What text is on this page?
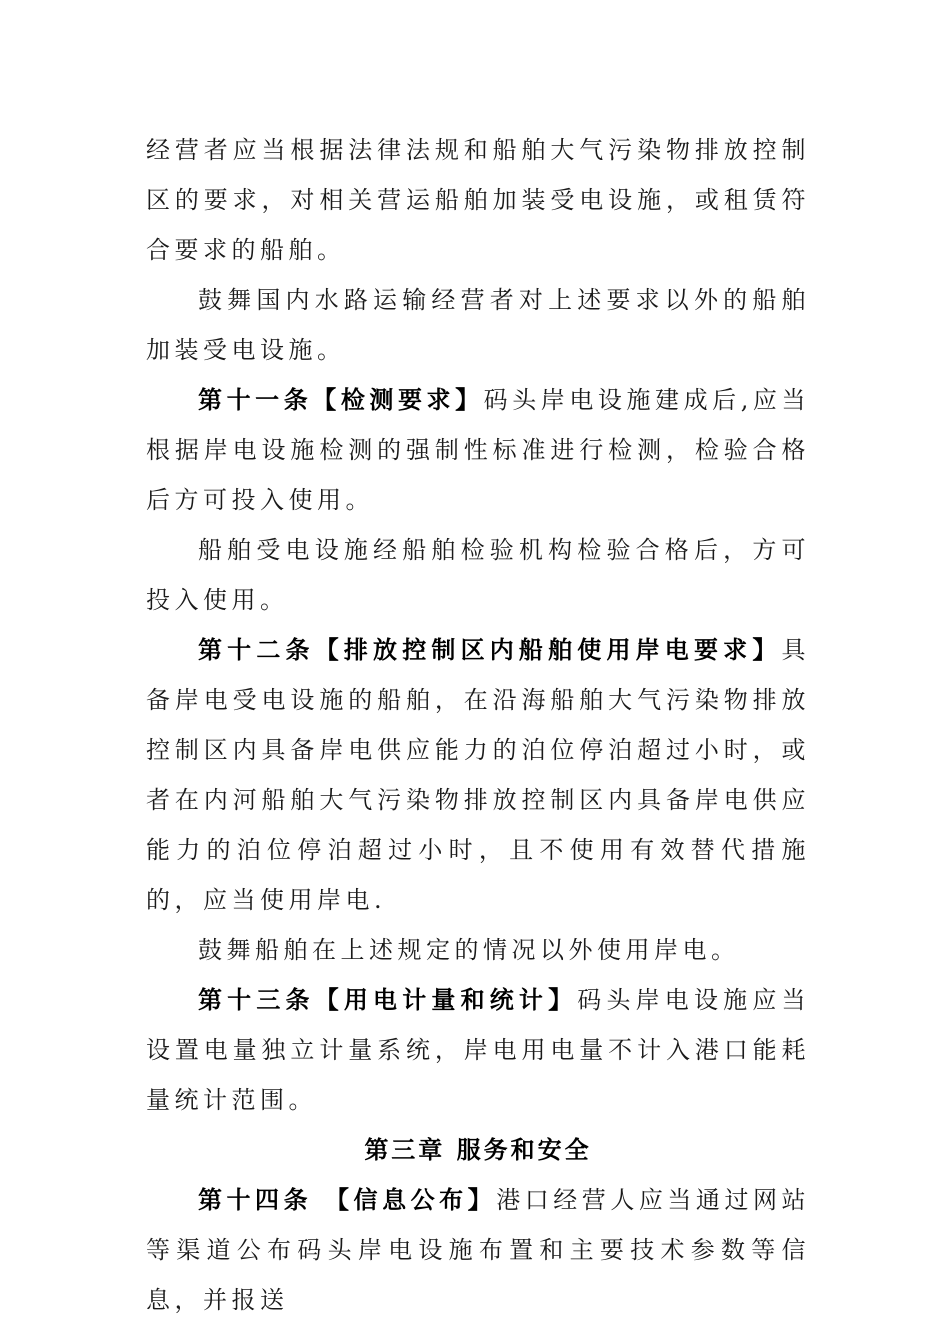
经营者应当根据法律法规和船舶大气污染物排放控制区的要求，对相关营运船舶加装受电设施，或租赁符合要求的船舶。

鼓舞国内水路运输经营者对上述要求以外的船舶加装受电设施。

第十一条【检测要求】码头岸电设施建成后,应当根据岸电设施检测的强制性标准进行检测，检验合格后方可投入使用。

船舶受电设施经船舶检验机构检验合格后，方可投入使用。

第十二条【排放控制区内船舶使用岸电要求】具备岸电受电设施的船舶，在沿海船舶大气污染物排放控制区内具备岸电供应能力的泊位停泊超过小时，或者在内河船舶大气污染物排放控制区内具备岸电供应能力的泊位停泊超过小时，且不使用有效替代措施的，应当使用岸电.

鼓舞船舶在上述规定的情况以外使用岸电。

第十三条【用电计量和统计】码头岸电设施应当设置电量独立计量系统，岸电用电量不计入港口能耗量统计范围。

第三章 服务和安全

第十四条 【信息公布】港口经营人应当通过网站等渠道公布码头岸电设施布置和主要技术参数等信息，并报送
